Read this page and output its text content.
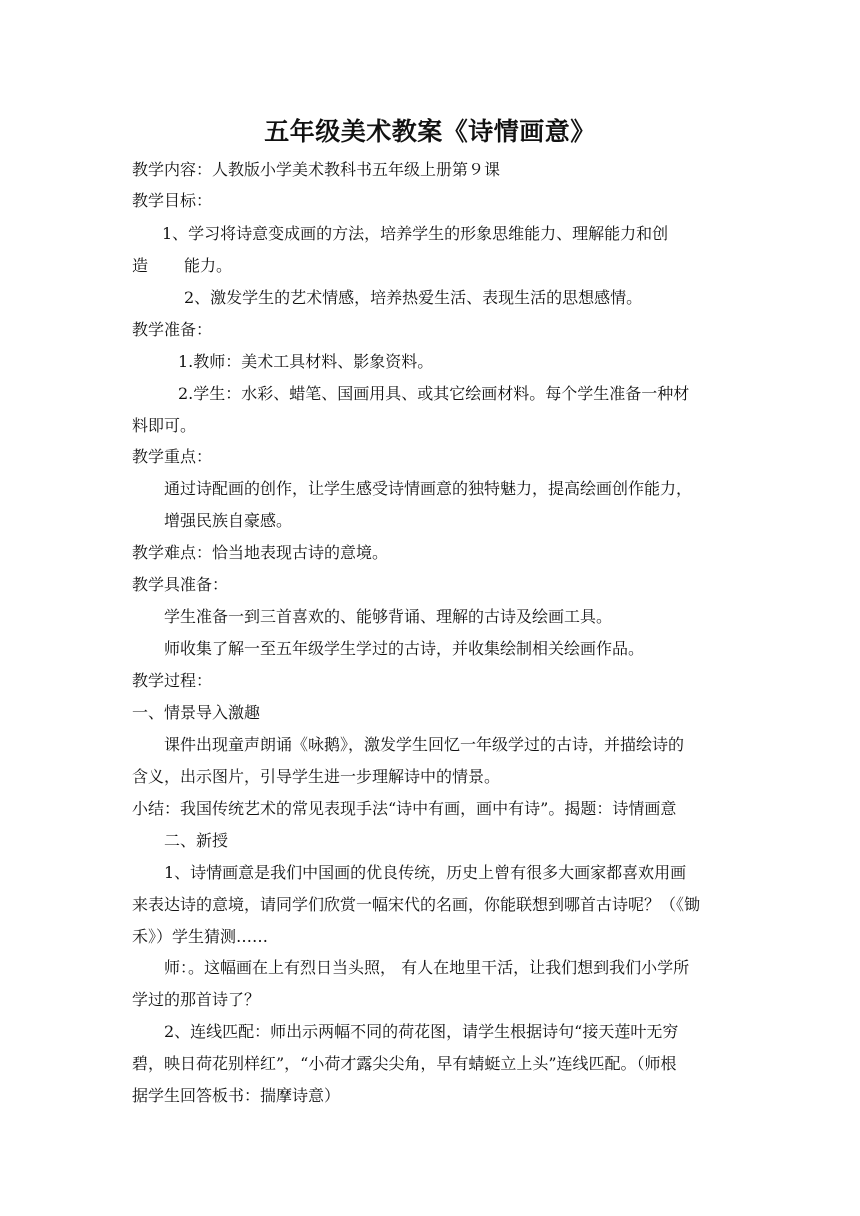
五年级美术教案《诗情画意》

教学内容：人教版小学美术教科书五年级上册第９课

教学目标：

1、学习将诗意变成画的方法，培养学生的形象思维能力、理解能力和创

造 能力。

2、激发学生的艺术情感，培养热爱生活、表现生活的思想感情。

教学准备：

1.教师：美术工具材料、影象资料。

2.学生：水彩、蜡笔、国画用具、或其它绘画材料。每个学生准备一种材

料即可。

教学重点：

通过诗配画的创作，让学生感受诗情画意的独特魅力，提高绘画创作能力，

增强民族自豪感。

教学难点：恰当地表现古诗的意境。

教学具准备：

学生准备一到三首喜欢的、能够背诵、理解的古诗及绘画工具。

师收集了解一至五年级学生学过的古诗，并收集绘制相关绘画作品。

教学过程：

一、情景导入激趣

课件出现童声朗诵《咏鹅》，激发学生回忆一年级学过的古诗，并描绘诗的

含义，出示图片，引导学生进一步理解诗中的情景。

小结：我国传统艺术的常见表现手法“诗中有画，画中有诗”。揭题：诗情画意

二、新授

1、诗情画意是我们中国画的优良传统，历史上曾有很多大画家都喜欢用画

来表达诗的意境，请同学们欣赏一幅宋代的名画，你能联想到哪首古诗呢？（《锄

禾》）学生猜测……

师：。这幅画在上有烈日当头照， 有人在地里干活，让我们想到我们小学所

学过的那首诗了？

2、连线匹配：师出示两幅不同的荷花图，请学生根据诗句“接天莲叶无穷

碧，映日荷花别样红”，“小荷才露尖尖角，早有蜻蜓立上头”连线匹配。（师根

据学生回答板书：揣摩诗意）
